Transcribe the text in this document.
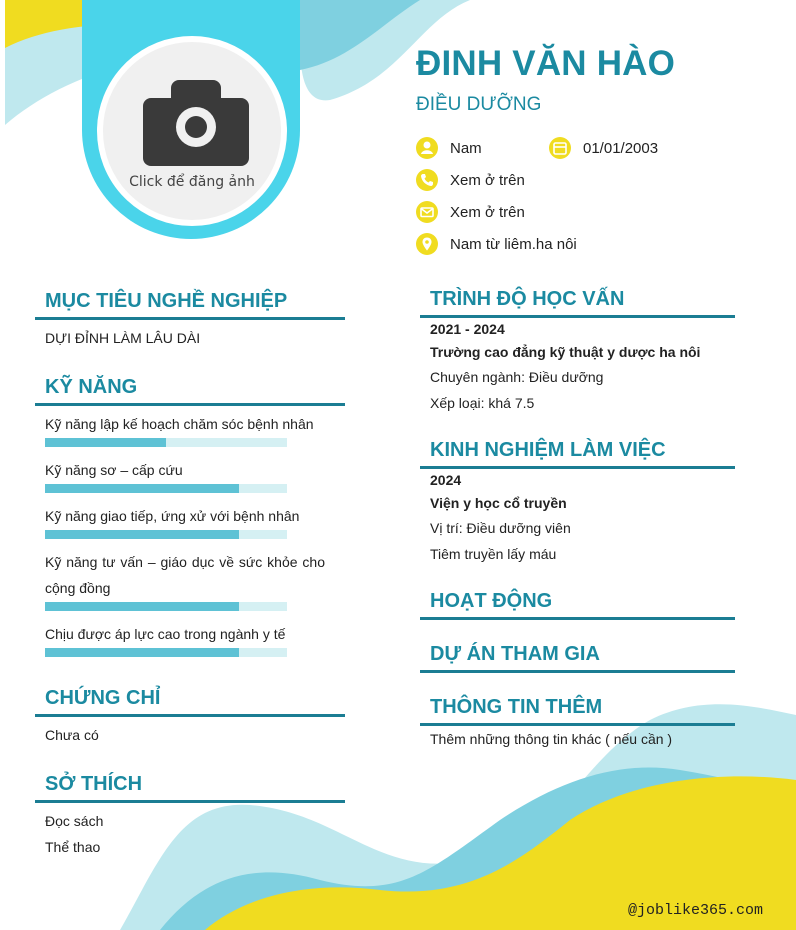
Click để đăng ảnh
ĐINH VĂN HÀO
ĐIỀU DƯỠNG
Nam	01/01/2003
Xem ở trên
Xem ở trên
Nam từ liêm.ha nôi
MỤC TIÊU NGHỀ NGHIỆP
DỰI ĐỈNH LÀM LÂU DÀI
KỸ NĂNG
Kỹ năng lập kế hoạch chăm sóc bệnh nhân
Kỹ năng sơ – cấp cứu
Kỹ năng giao tiếp, ứng xử với bệnh nhân
Kỹ năng tư vấn – giáo dục về sức khỏe cho cộng đồng
Chịu được áp lực cao trong ngành y tế
CHỨNG CHỈ
Chưa có
SỞ THÍCH
Đọc sách
Thể thao
TRÌNH ĐỘ HỌC VẤN
2021 - 2024
Trường cao đẳng kỹ thuật y dược ha nôi
Chuyên ngành: Điều dưỡng
Xếp loại: khá 7.5
KINH NGHIỆM LÀM VIỆC
2024
Viện y học cổ truyền
Vị trí: Điều dưỡng viên
Tiêm truyền lấy máu
HOẠT ĐỘNG
DỰ ÁN THAM GIA
THÔNG TIN THÊM
Thêm những thông tin khác ( nếu cần )
@joblike365.com
